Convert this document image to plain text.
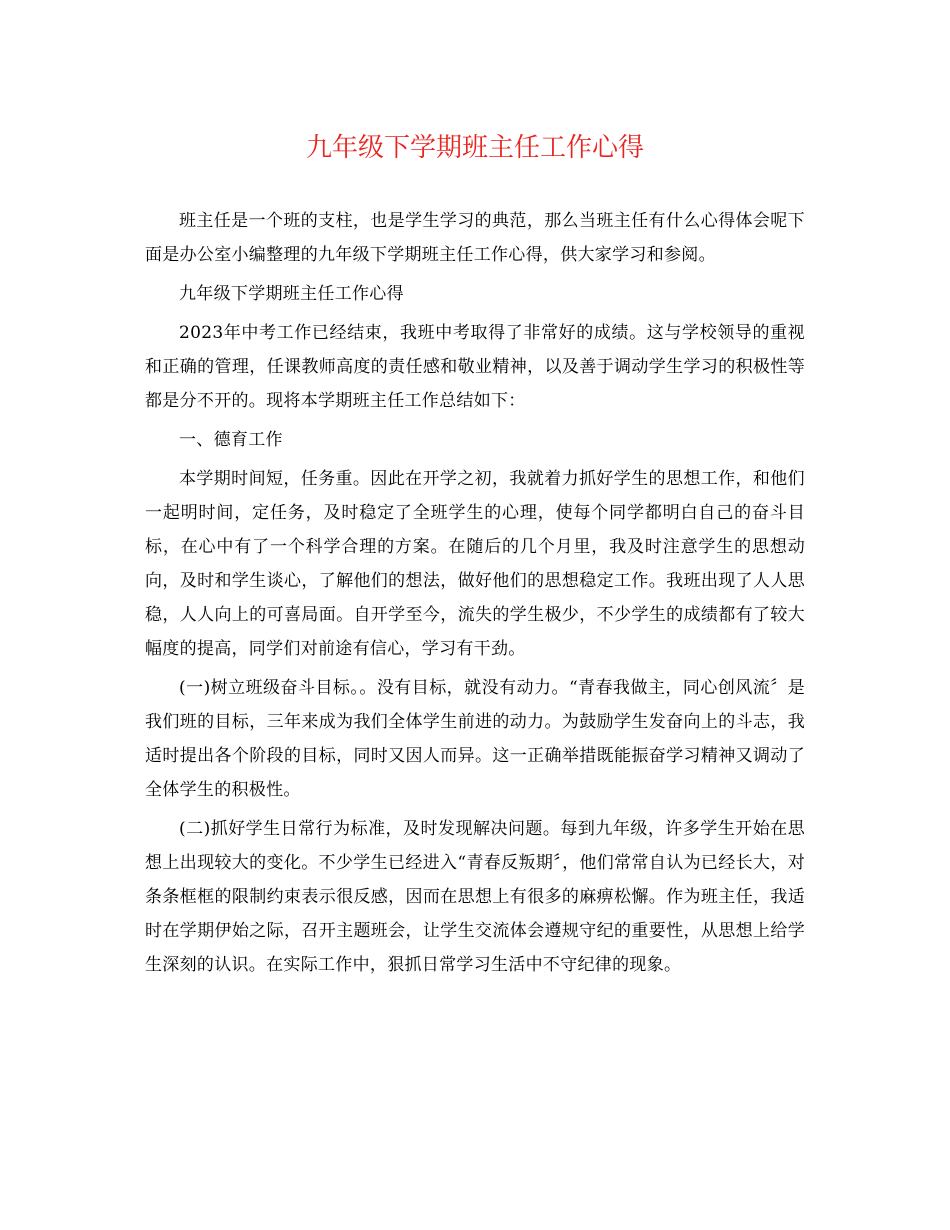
九年级下学期班主任工作心得

班主任是一个班的支柱，也是学生学习的典范，那么当班主任有什么心得体会呢下面是办公室小编整理的九年级下学期班主任工作心得，供大家学习和参阅。

九年级下学期班主任工作心得

2023年中考工作已经结束，我班中考取得了非常好的成绩。这与学校领导的重视和正确的管理，任课教师高度的责任感和敬业精神，以及善于调动学生学习的积极性等都是分不开的。现将本学期班主任工作总结如下：

一、德育工作

本学期时间短，任务重。因此在开学之初，我就着力抓好学生的思想工作，和他们一起明时间，定任务，及时稳定了全班学生的心理，使每个同学都明白自己的奋斗目标，在心中有了一个科学合理的方案。在随后的几个月里，我及时注意学生的思想动向，及时和学生谈心，了解他们的想法，做好他们的思想稳定工作。我班出现了人人思稳，人人向上的可喜局面。自开学至今，流失的学生极少，不少学生的成绩都有了较大幅度的提高，同学们对前途有信心，学习有干劲。

(一)树立班级奋斗目标。。没有目标，就没有动力。“青春我做主，同心创风流〞是我们班的目标，三年来成为我们全体学生前进的动力。为鼓励学生发奋向上的斗志，我适时提出各个阶段的目标，同时又因人而异。这一正确举措既能振奋学习精神又调动了全体学生的积极性。

(二)抓好学生日常行为标准，及时发现解决问题。每到九年级，许多学生开始在思想上出现较大的变化。不少学生已经进入“青春反叛期〞，他们常常自认为已经长大，对条条框框的限制约束表示很反感，因而在思想上有很多的麻痹松懈。作为班主任，我适时在学期伊始之际，召开主题班会，让学生交流体会遵规守纪的重要性，从思想上给学生深刻的认识。在实际工作中，狠抓日常学习生活中不守纪律的现象。
